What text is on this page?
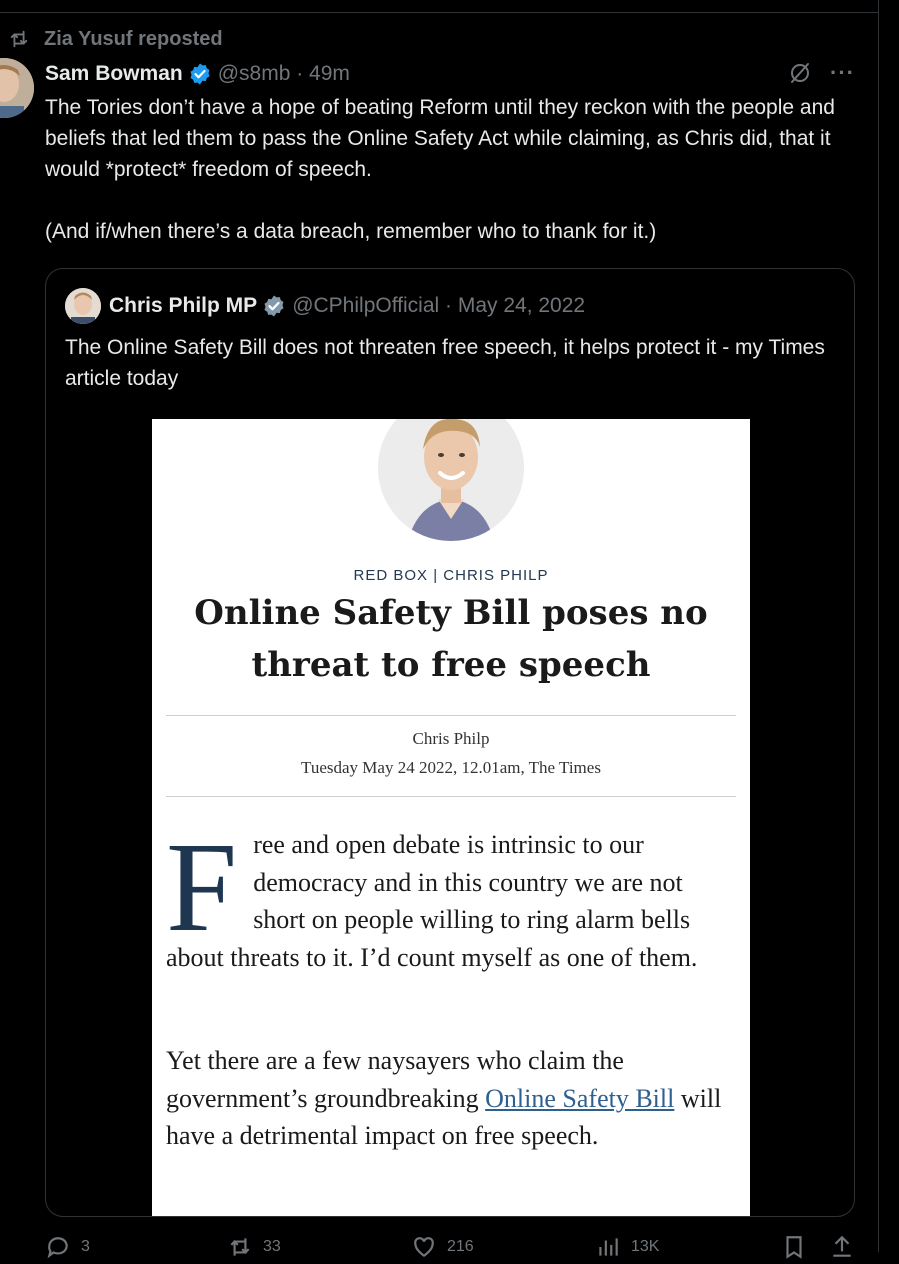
Zia Yusuf reposted
Sam Bowman @s8mb · 49m	···

The Tories don’t have a hope of beating Reform until they reckon with the people and beliefs that led them to pass the Online Safety Act while claiming, as Chris did, that it would *protect* freedom of speech.

(And if/when there’s a data breach, remember who to thank for it.)

Chris Philp MP @CPhilpOfficial · May 24, 2022
The Online Safety Bill does not threaten free speech, it helps protect it - my Times article today
RED BOX | CHRIS PHILP
Online Safety Bill poses no threat to free speech
Chris Philp
Tuesday May 24 2022, 12.01am, The Times
Free and open debate is intrinsic to our democracy and in this country we are not short on people willing to ring alarm bells about threats to it. I’d count myself as one of them.
Yet there are a few naysayers who claim the government’s groundbreaking Online Safety Bill will have a detrimental impact on free speech.
3	33	216	13K
